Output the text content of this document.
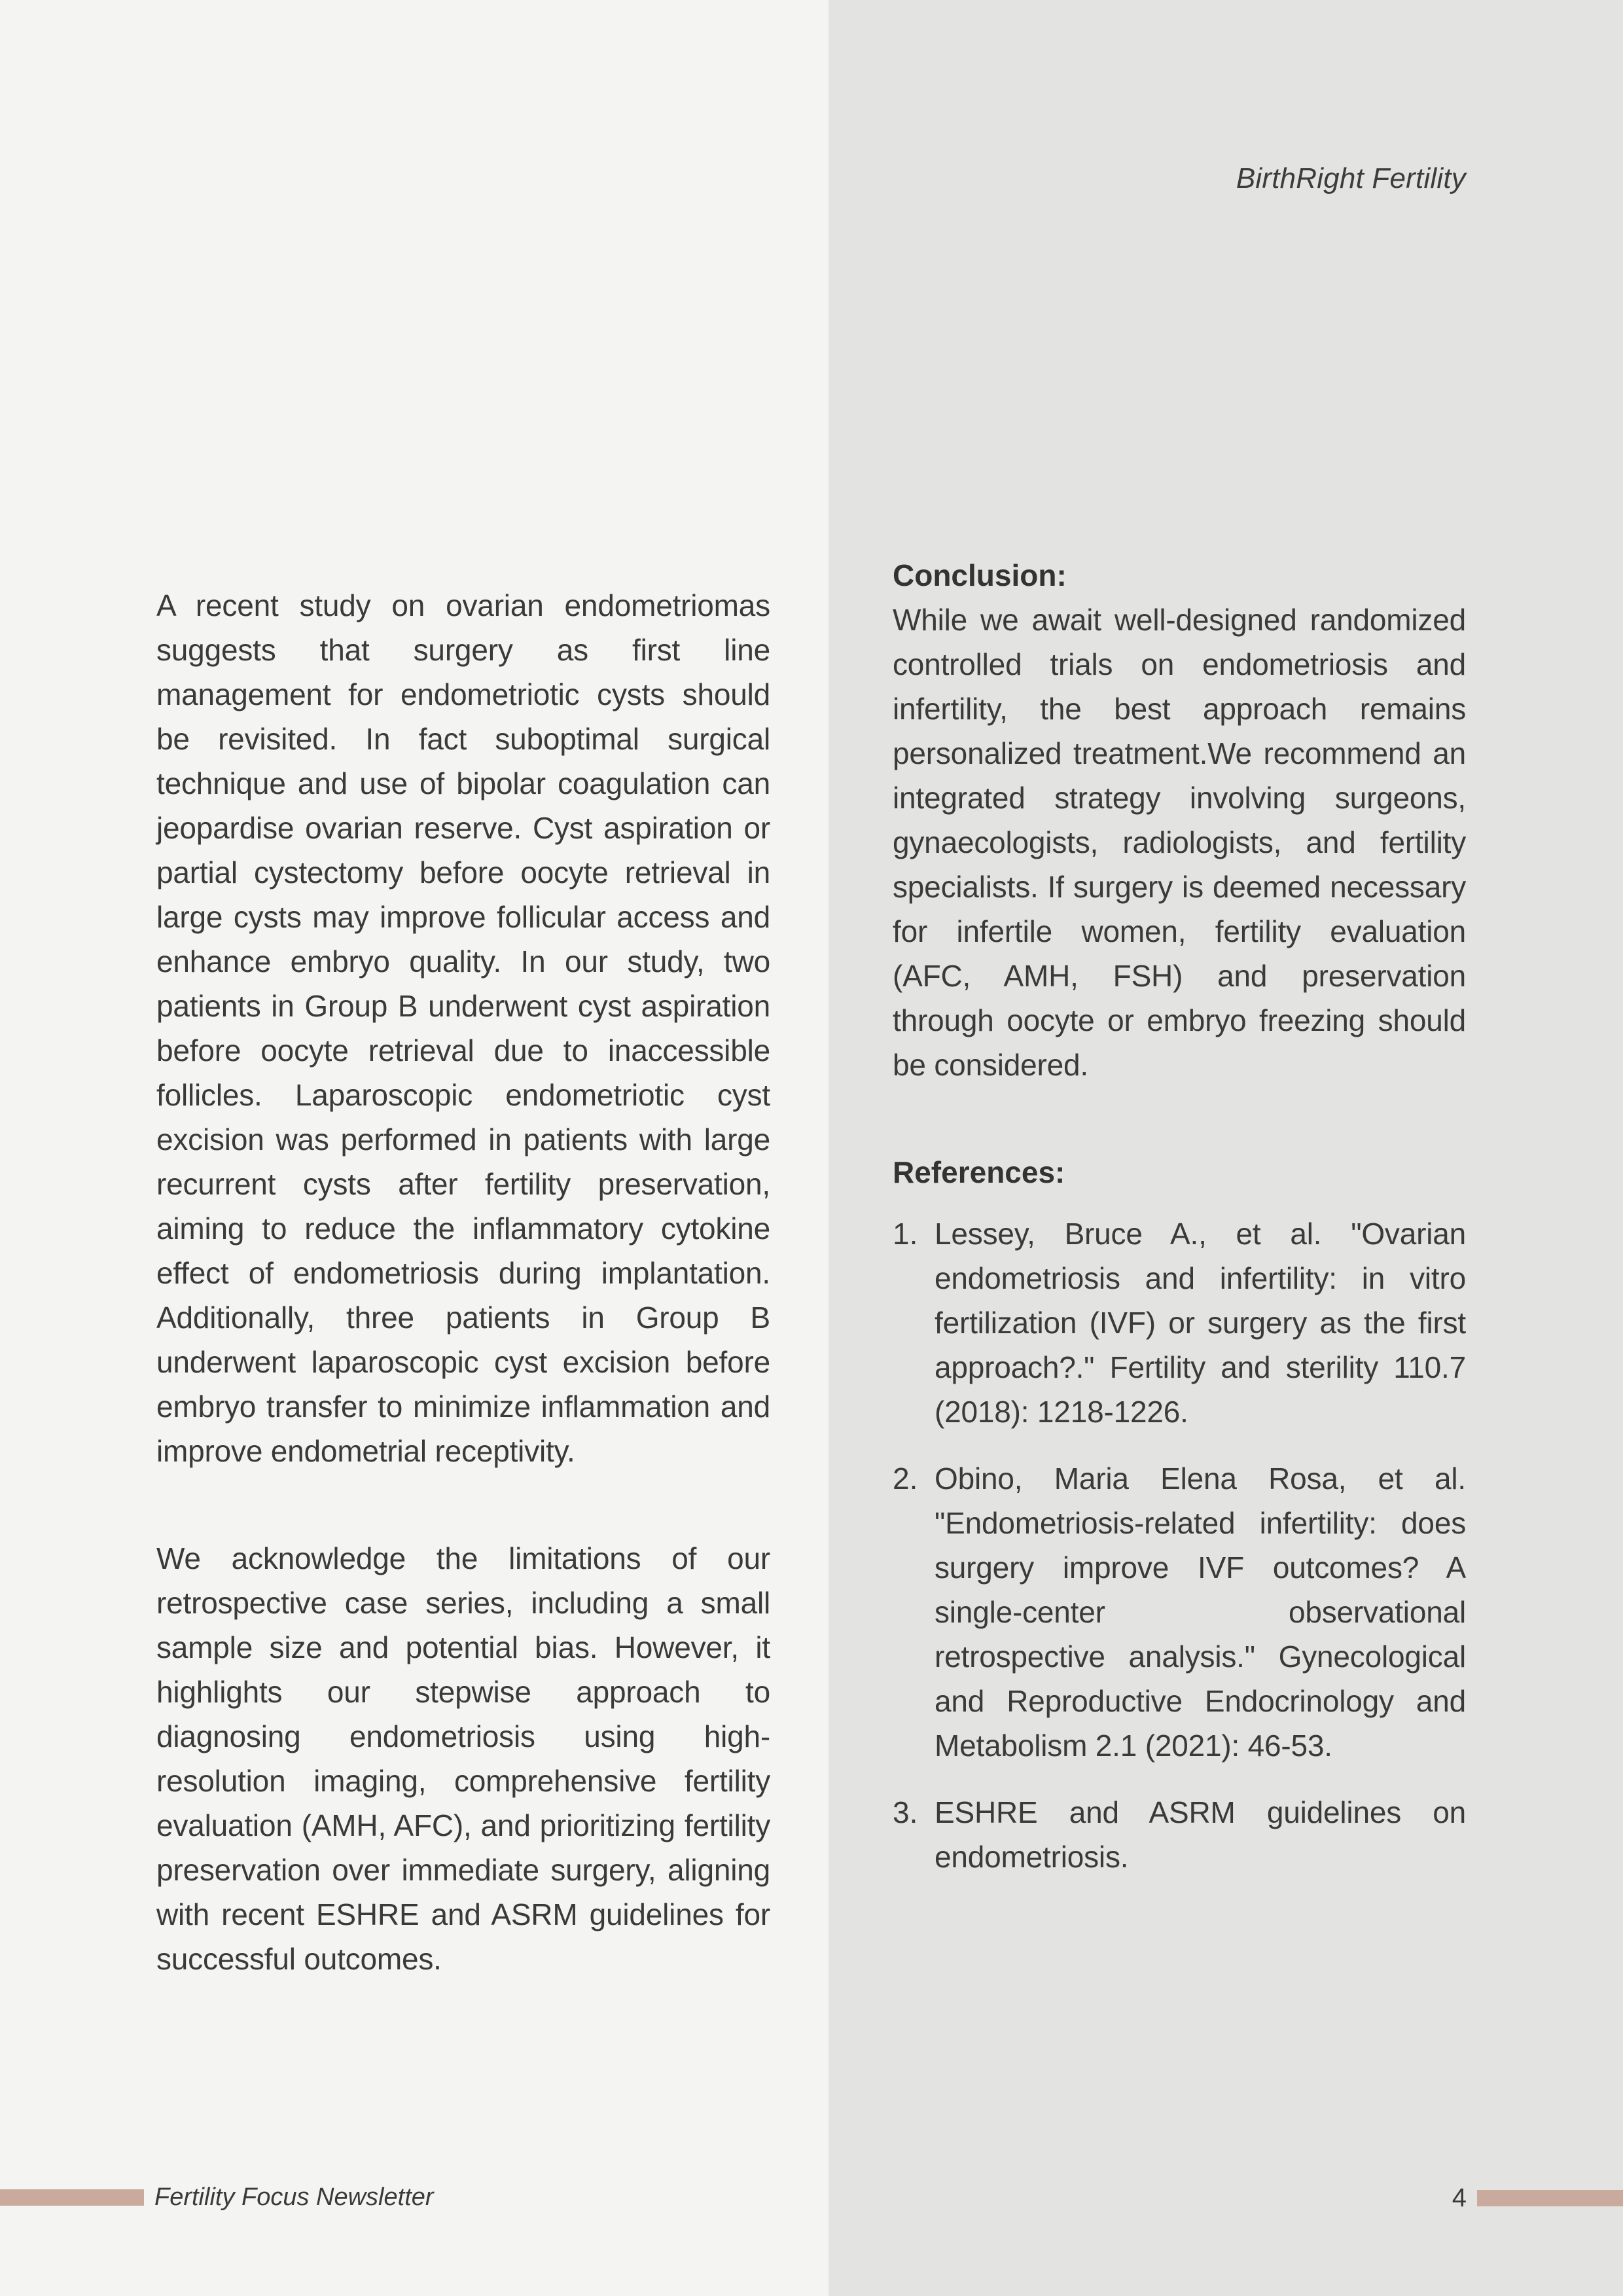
BirthRight Fertility

A recent study on ovarian endometriomas suggests that surgery as first line management for endometriotic cysts should be revisited. In fact suboptimal surgical technique and use of bipolar coagulation can jeopardise ovarian reserve. Cyst aspiration or partial cystectomy before oocyte retrieval in large cysts may improve follicular access and enhance embryo quality. In our study, two patients in Group B underwent cyst aspiration before oocyte retrieval due to inaccessible follicles. Laparoscopic endometriotic cyst excision was performed in patients with large recurrent cysts after fertility preservation, aiming to reduce the inflammatory cytokine effect of endometriosis during implantation. Additionally, three patients in Group B underwent laparoscopic cyst excision before embryo transfer to minimize inflammation and improve endometrial receptivity.

We acknowledge the limitations of our retrospective case series, including a small sample size and potential bias. However, it highlights our stepwise approach to diagnosing endometriosis using high-resolution imaging, comprehensive fertility evaluation (AMH, AFC), and prioritizing fertility preservation over immediate surgery, aligning with recent ESHRE and ASRM guidelines for successful outcomes.

Conclusion:

While we await well-designed randomized controlled trials on endometriosis and infertility, the best approach remains personalized treatment.We recommend an integrated strategy involving surgeons, gynaecologists, radiologists, and fertility specialists. If surgery is deemed necessary for infertile women, fertility evaluation (AFC, AMH, FSH) and preservation through oocyte or embryo freezing should be considered.

References:
1. Lessey, Bruce A., et al. "Ovarian endometriosis and infertility: in vitro fertilization (IVF) or surgery as the first approach?." Fertility and sterility 110.7 (2018): 1218-1226.
2. Obino, Maria Elena Rosa, et al. "Endometriosis-related infertility: does surgery improve IVF outcomes? A single-center observational retrospective analysis." Gynecological and Reproductive Endocrinology and Metabolism 2.1 (2021): 46-53.
3. ESHRE and ASRM guidelines on endometriosis.
Fertility Focus Newsletter	4
